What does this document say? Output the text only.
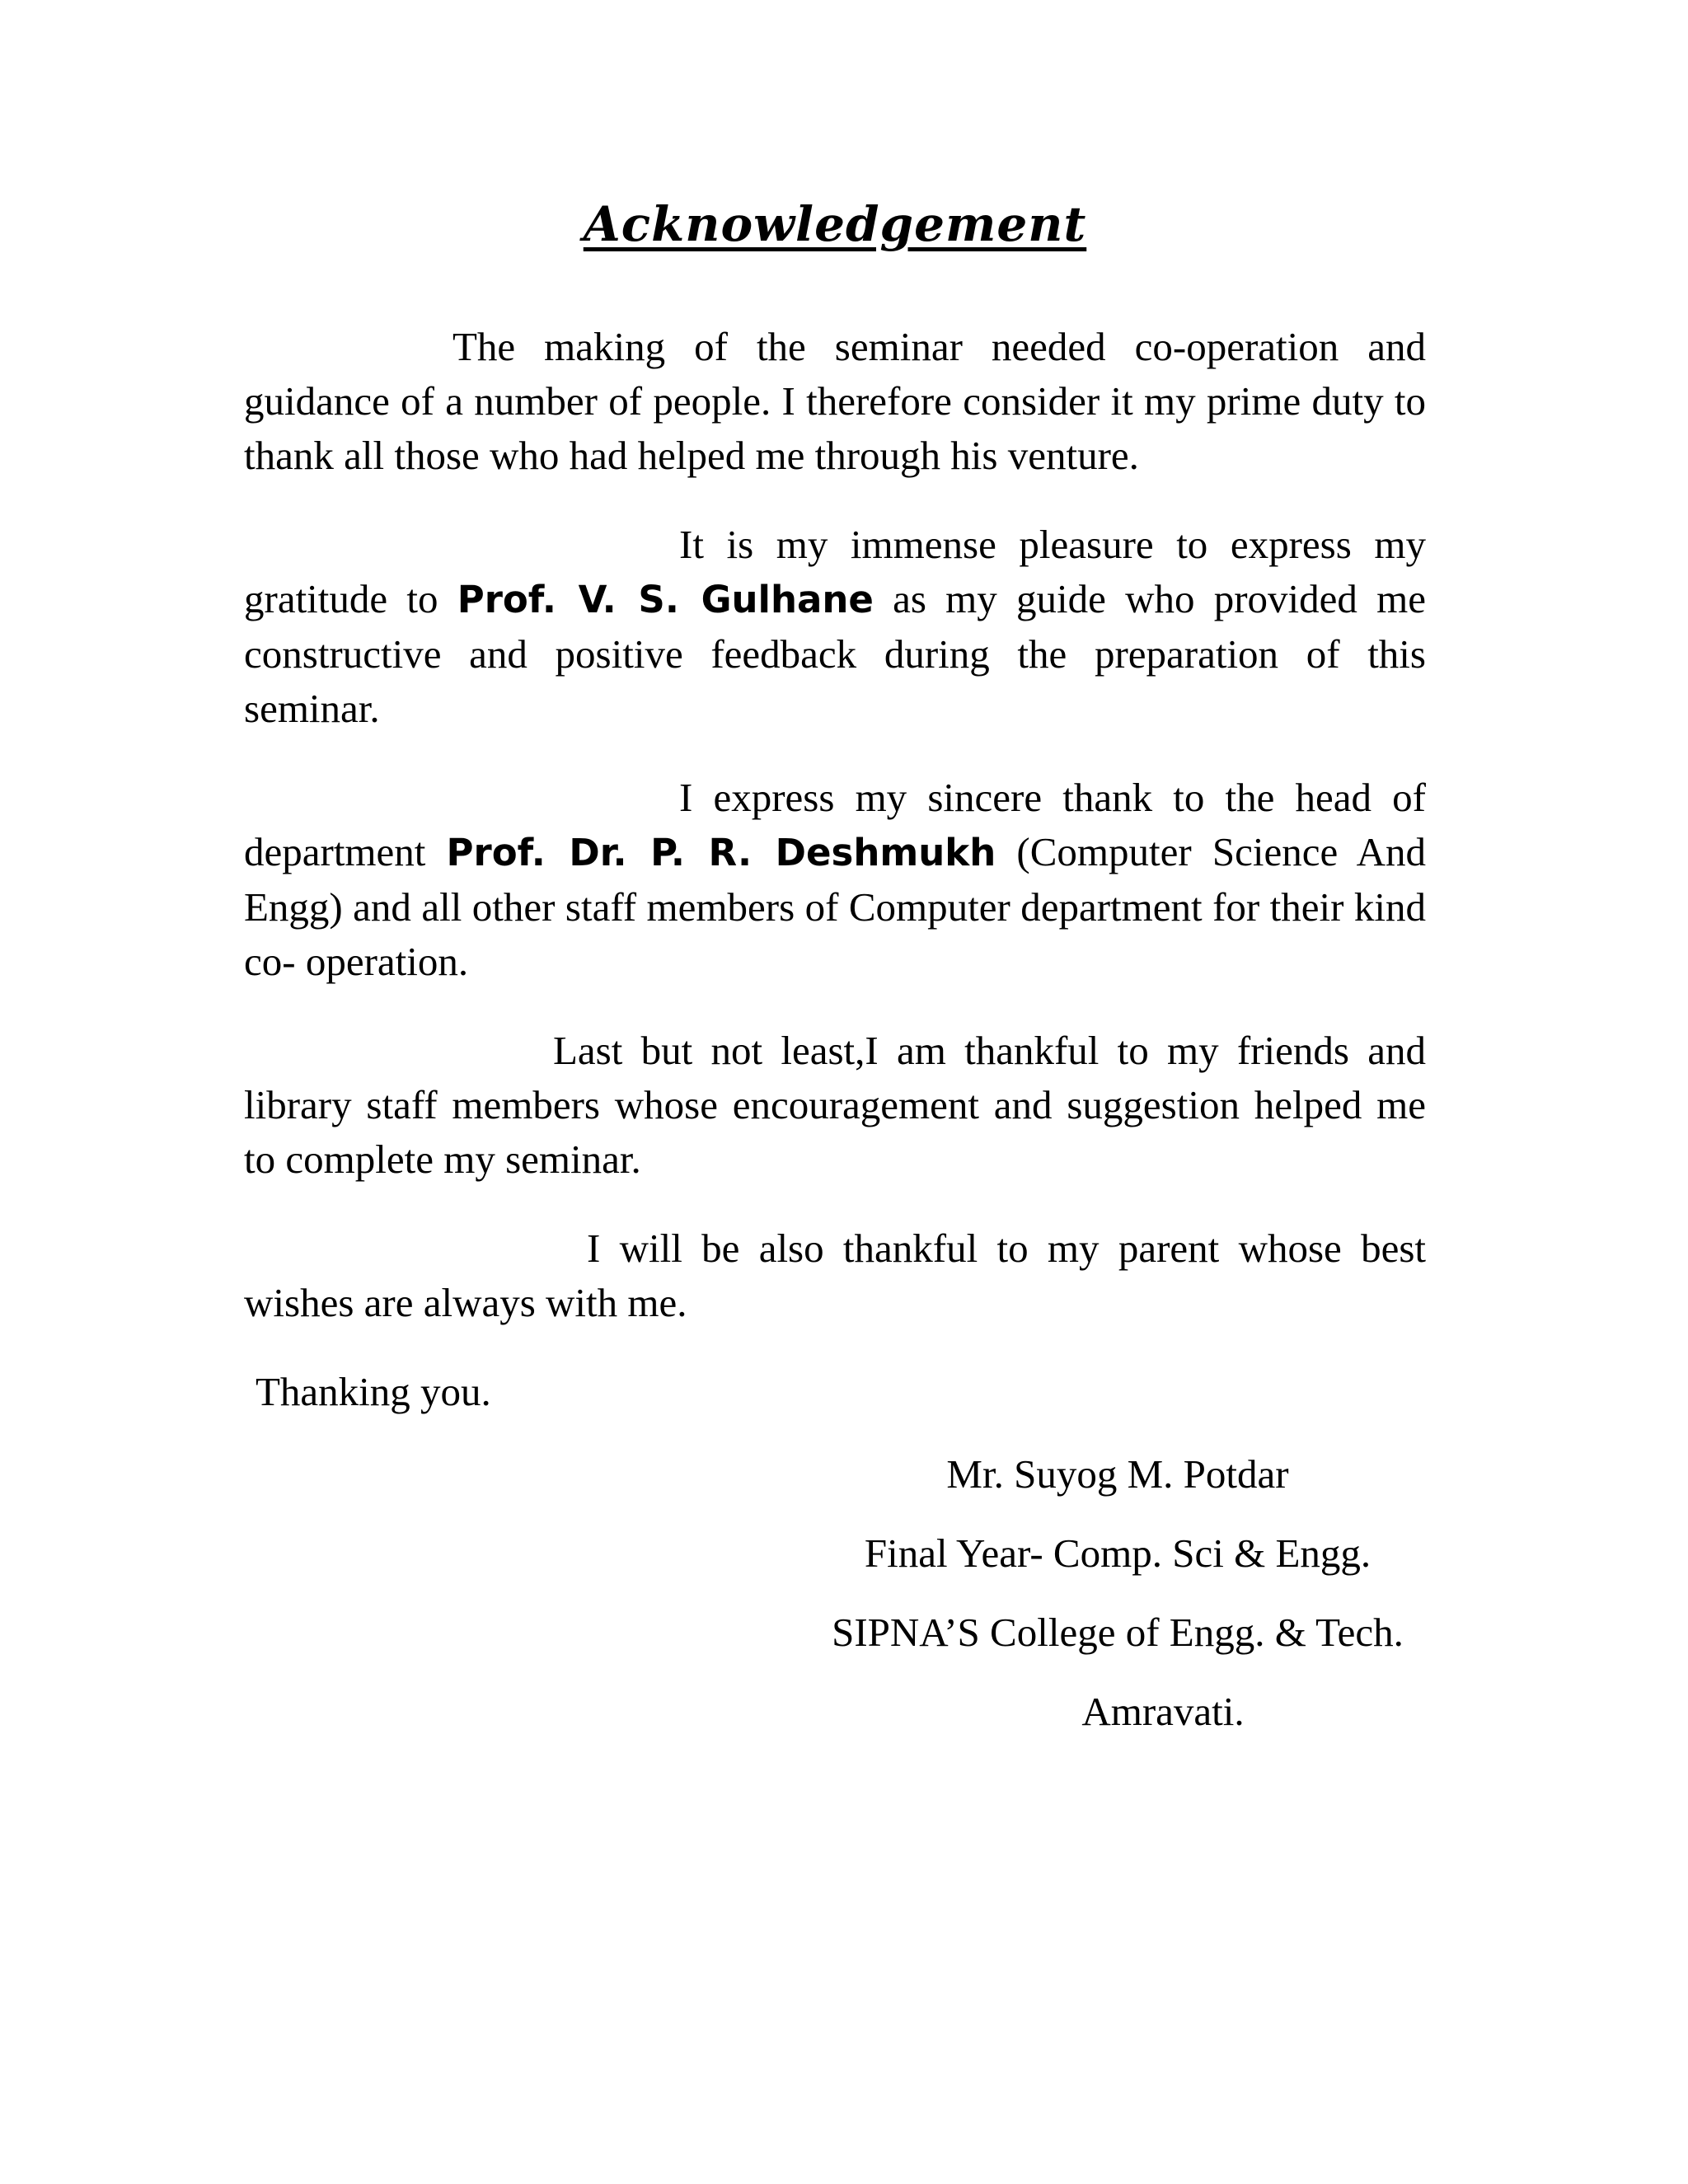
Acknowledgement

The making of the seminar needed co-operation and guidance of a number of people. I therefore consider it my prime duty to thank all those who had helped me through his venture.

It is my immense pleasure to express my gratitude to Prof. V. S. Gulhane as my guide who provided me constructive and positive feedback during the preparation of this seminar.

I express my sincere thank to the head of department Prof. Dr. P. R. Deshmukh (Computer Science And Engg) and all other staff members of Computer department for their kind co- operation.

Last but not least,I am thankful to my friends and library staff members whose encouragement and suggestion helped me to complete my seminar.

I will be also thankful to my parent whose best wishes are always with me.

Thanking you.

Mr. Suyog M. Potdar

Final Year- Comp. Sci & Engg.

SIPNA’S College of Engg. & Tech.

Amravati.
